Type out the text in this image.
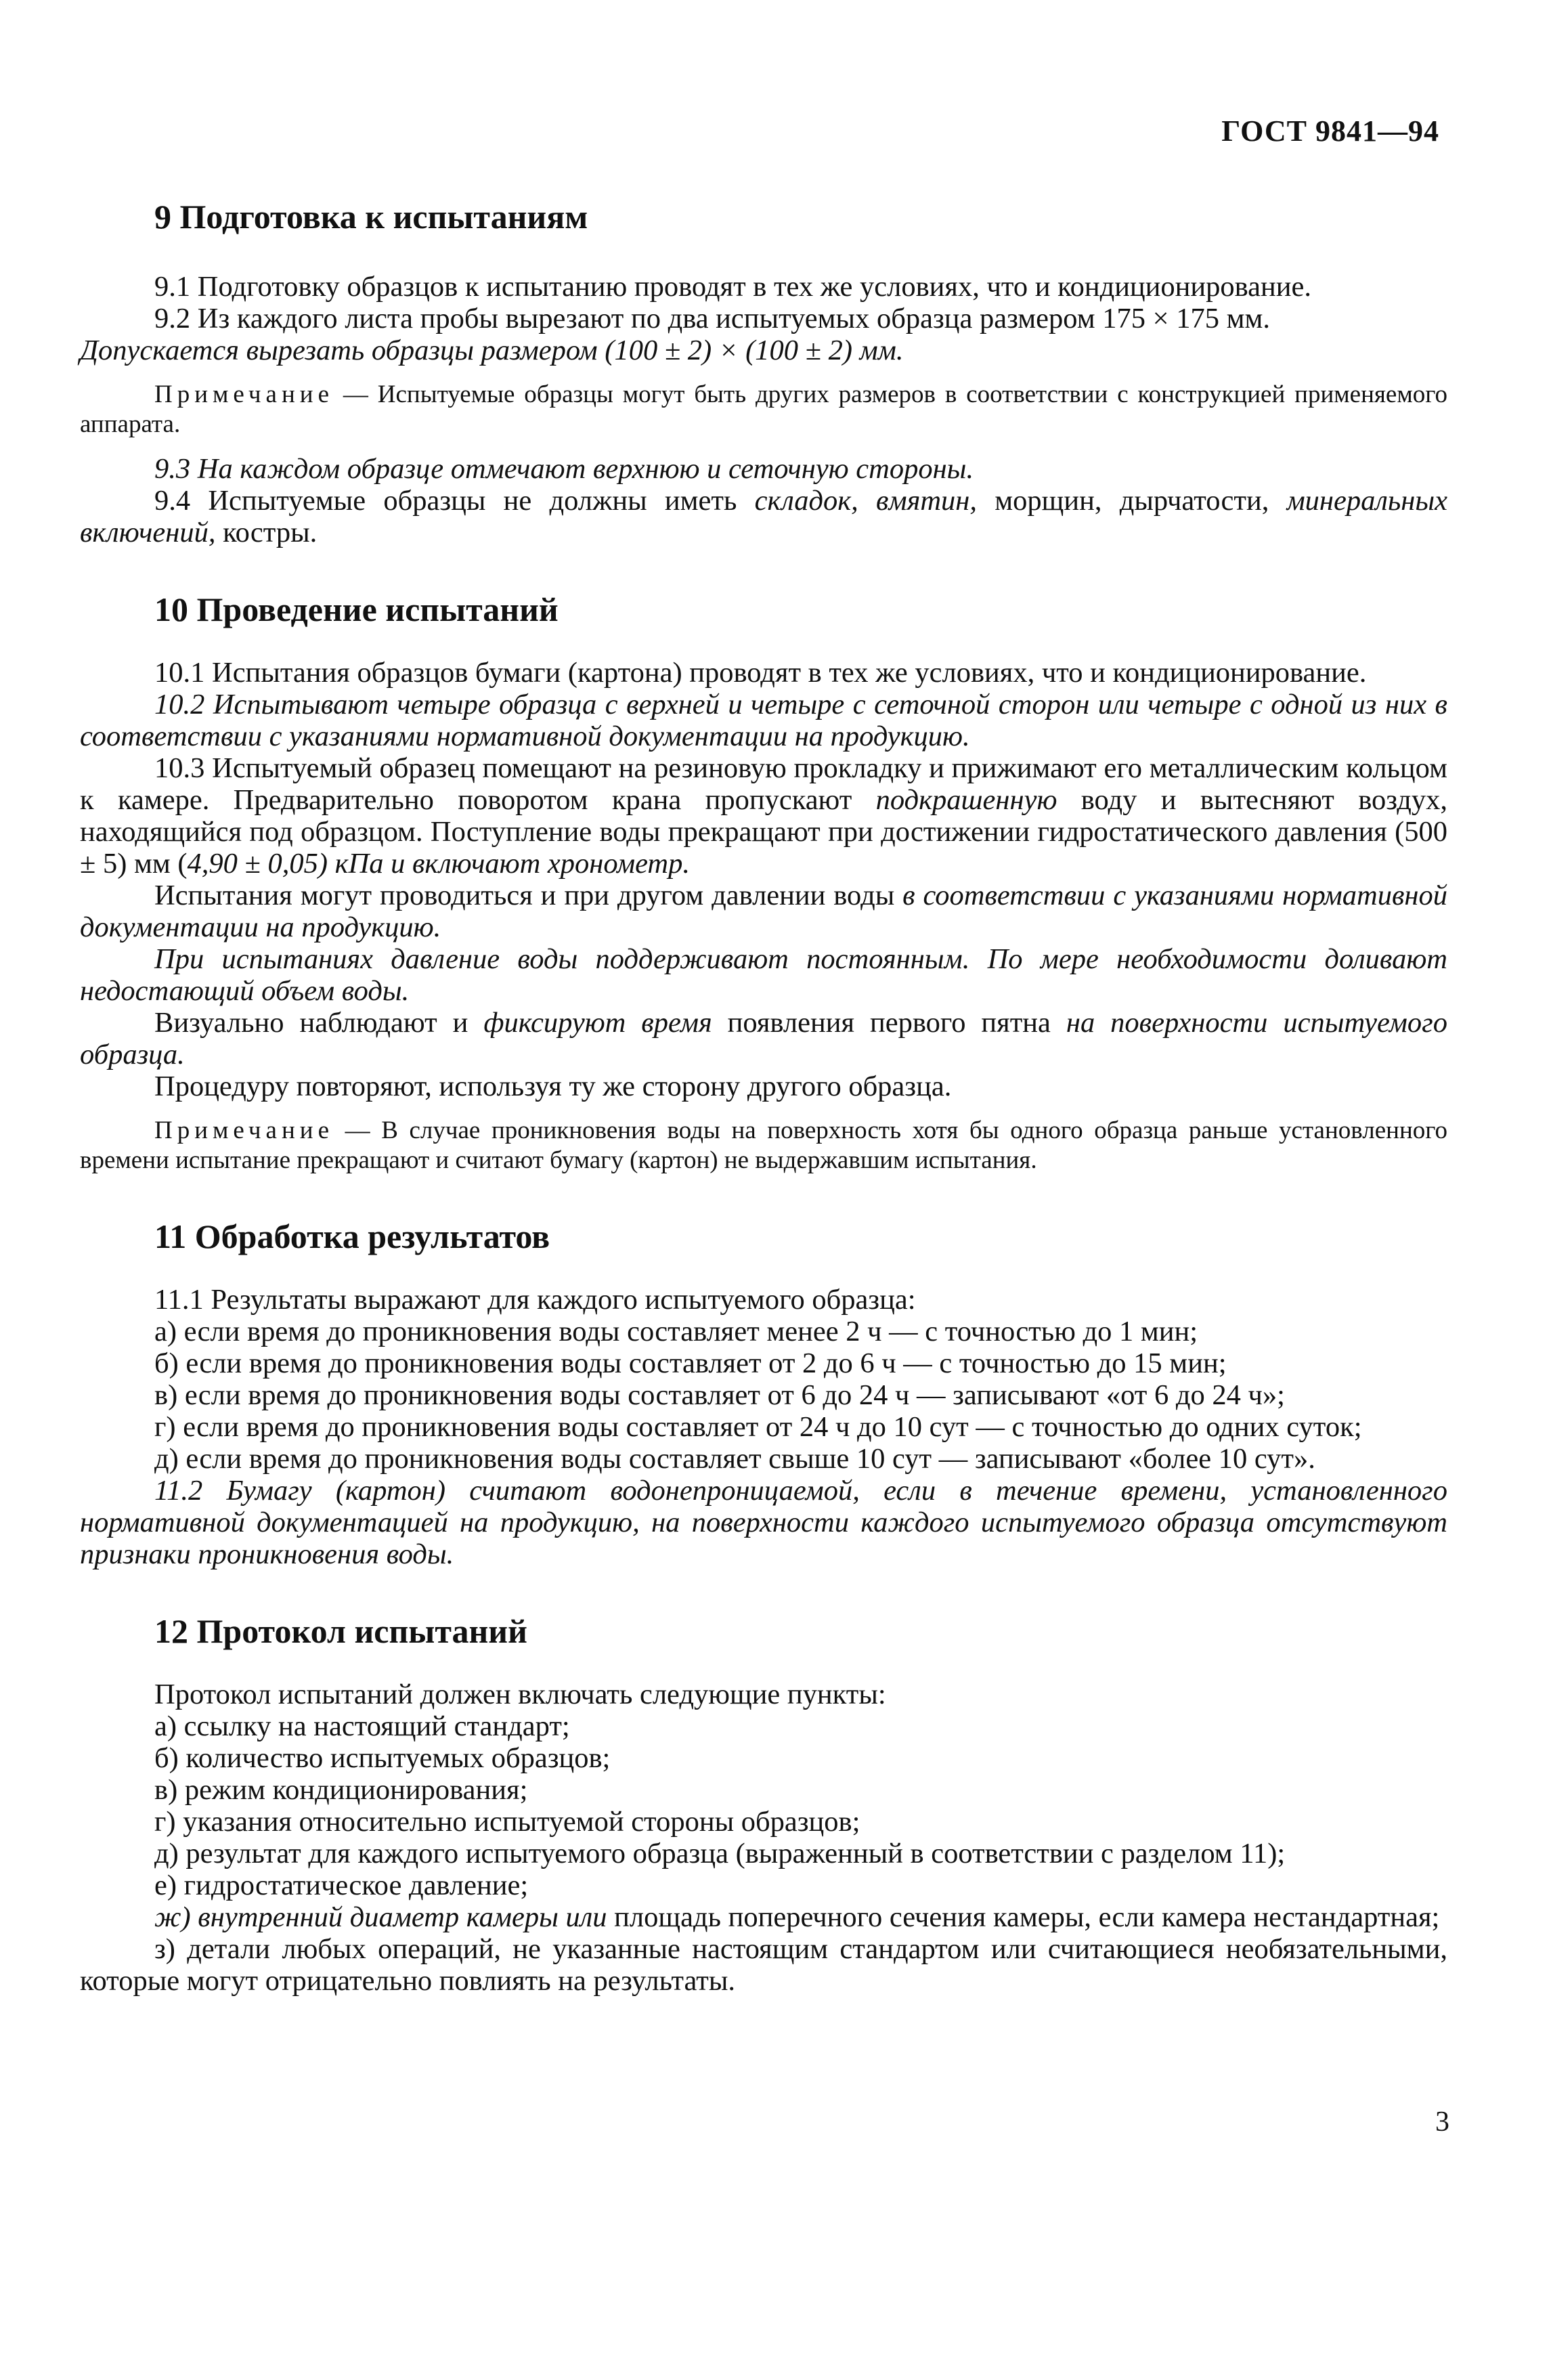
ГОСТ 9841—94
9 Подготовка к испытаниям

9.1 Подготовку образцов к испытанию проводят в тех же условиях, что и кондиционирование.

9.2 Из каждого листа пробы вырезают по два испытуемых образца размером 175 × 175 мм.

Допускается вырезать образцы размером (100 ± 2) × (100 ± 2) мм.

Примечание — Испытуемые образцы могут быть других размеров в соответствии с конструкцией применяемого аппарата.

9.3 На каждом образце отмечают верхнюю и сеточную стороны.

9.4 Испытуемые образцы не должны иметь складок, вмятин, морщин, дырчатости, минеральных включений, костры.

10 Проведение испытаний

10.1 Испытания образцов бумаги (картона) проводят в тех же условиях, что и кондиционирование.

10.2 Испытывают четыре образца с верхней и четыре с сеточной сторон или четыре с одной из них в соответствии с указаниями нормативной документации на продукцию.

10.3 Испытуемый образец помещают на резиновую прокладку и прижимают его металлическим кольцом к камере. Предварительно поворотом крана пропускают подкрашенную воду и вытесняют воздух, находящийся под образцом. Поступление воды прекращают при достижении гидростатического давления (500 ± 5) мм (4,90 ± 0,05) кПа и включают хронометр.

Испытания могут проводиться и при другом давлении воды в соответствии с указаниями нормативной документации на продукцию.

При испытаниях давление воды поддерживают постоянным. По мере необходимости доливают недостающий объем воды.

Визуально наблюдают и фиксируют время появления первого пятна на поверхности испытуемого образца.

Процедуру повторяют, используя ту же сторону другого образца.

Примечание — В случае проникновения воды на поверхность хотя бы одного образца раньше установленного времени испытание прекращают и считают бумагу (картон) не выдержавшим испытания.

11 Обработка результатов

11.1 Результаты выражают для каждого испытуемого образца:

а) если время до проникновения воды составляет менее 2 ч — с точностью до 1 мин;

б) если время до проникновения воды составляет от 2 до 6 ч — с точностью до 15 мин;

в) если время до проникновения воды составляет от 6 до 24 ч — записывают «от 6 до 24 ч»;

г) если время до проникновения воды составляет от 24 ч до 10 сут — с точностью до одних суток;

д) если время до проникновения воды составляет свыше 10 сут — записывают «более 10 сут».

11.2 Бумагу (картон) считают водонепроницаемой, если в течение времени, установленного нормативной документацией на продукцию, на поверхности каждого испытуемого образца отсутствуют признаки проникновения воды.

12 Протокол испытаний

Протокол испытаний должен включать следующие пункты:

а) ссылку на настоящий стандарт;

б) количество испытуемых образцов;

в) режим кондиционирования;

г) указания относительно испытуемой стороны образцов;

д) результат для каждого испытуемого образца (выраженный в соответствии с разделом 11);

е) гидростатическое давление;

ж) внутренний диаметр камеры или площадь поперечного сечения камеры, если камера нестандартная;

з) детали любых операций, не указанные настоящим стандартом или считающиеся необязательными, которые могут отрицательно повлиять на результаты.

3
